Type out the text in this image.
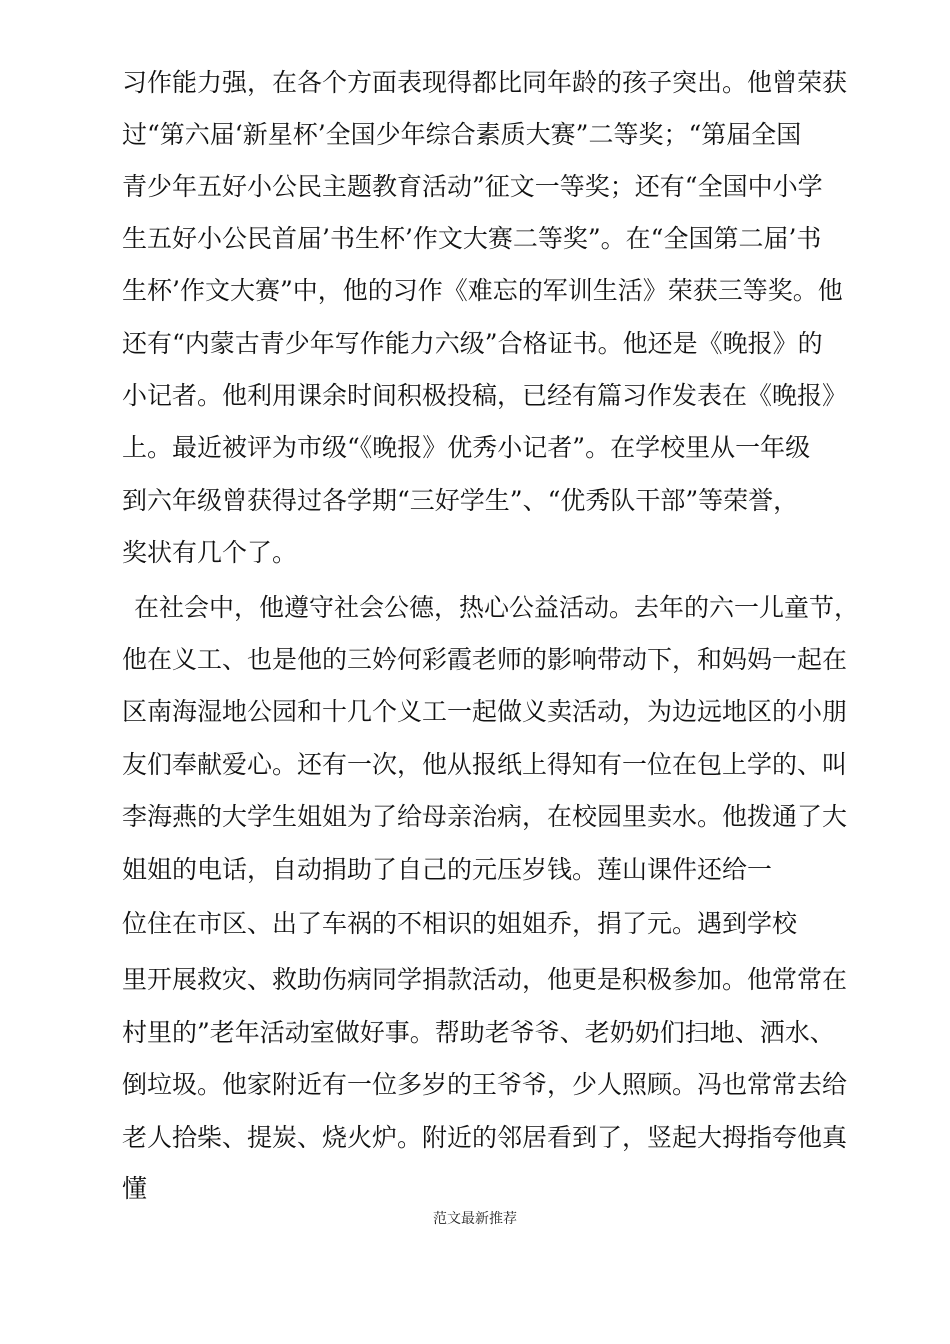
习作能力强，在各个方面表现得都比同年龄的孩子突出。他曾荣获
过“第六届‘新星杯’全国少年综合素质大赛”二等奖；“第届全国
青少年五好小公民主题教育活动”征文一等奖；还有“全国中小学
生五好小公民首届’书生杯’作文大赛二等奖”。在“全国第二届’书
生杯’作文大赛”中，他的习作《难忘的军训生活》荣获三等奖。他
还有“内蒙古青少年写作能力六级”合格证书。他还是《晚报》的
小记者。他利用课余时间积极投稿，已经有篇习作发表在《晚报》
上。最近被评为市级“《晚报》优秀小记者”。在学校里从一年级
到六年级曾获得过各学期“三好学生”、“优秀队干部”等荣誉，
奖状有几个了。
在社会中，他遵守社会公德，热心公益活动。去年的六一儿童节，
他在义工、也是他的三妗何彩霞老师的影响带动下，和妈妈一起在
区南海湿地公园和十几个义工一起做义卖活动，为边远地区的小朋
友们奉献爱心。还有一次，他从报纸上得知有一位在包上学的、叫
李海燕的大学生姐姐为了给母亲治病，在校园里卖水。他拨通了大
姐姐的电话，自动捐助了自己的元压岁钱。莲山课件还给一
位住在市区、出了车祸的不相识的姐姐乔，捐了元。遇到学校
里开展救灾、救助伤病同学捐款活动，他更是积极参加。他常常在
村里的”老年活动室做好事。帮助老爷爷、老奶奶们扫地、洒水、
倒垃圾。他家附近有一位多岁的王爷爷，少人照顾。冯也常常去给
老人拾柴、提炭、烧火炉。附近的邻居看到了，竖起大拇指夸他真
懂
范文最新推荐
